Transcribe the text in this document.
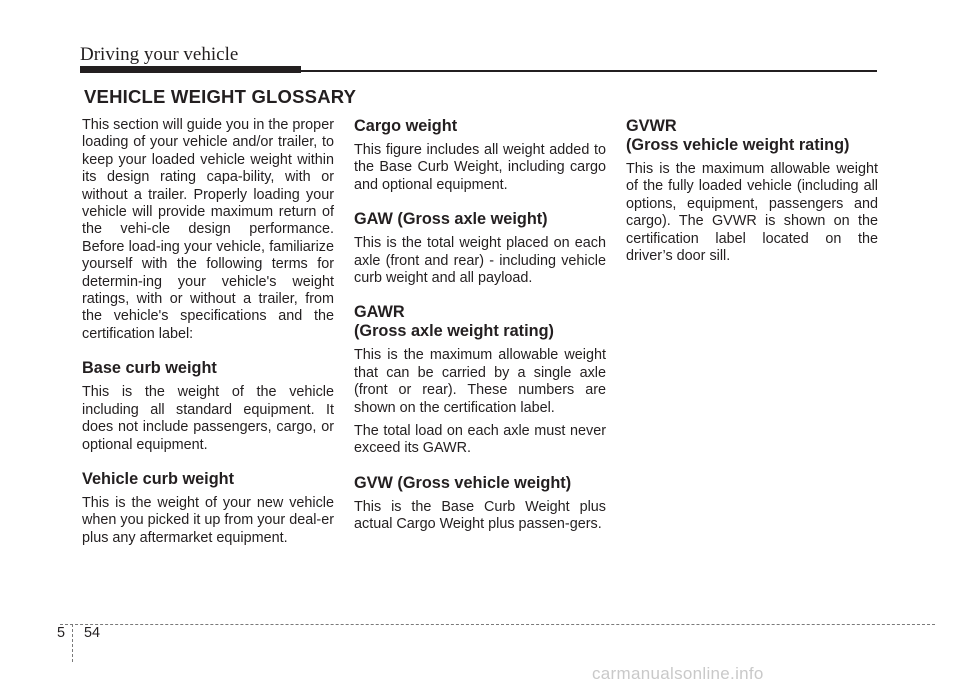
Driving your vehicle
VEHICLE WEIGHT GLOSSARY

This section will guide you in the proper loading of your vehicle and/or trailer, to keep your loaded vehicle weight within its design rating capa-bility, with or without a trailer. Properly loading your vehicle will provide maximum return of the vehi-cle design performance. Before load-ing your vehicle, familiarize yourself with the following terms for determin-ing your vehicle's weight ratings, with or without a trailer, from the vehicle's specifications and the certification label:

Base curb weight

This is the weight of the vehicle including all standard equipment. It does not include passengers, cargo, or optional equipment.

Vehicle curb weight

This is the weight of your new vehicle when you picked it up from your deal-er plus any aftermarket equipment.

Cargo weight

This figure includes all weight added to the Base Curb Weight, including cargo and optional equipment.

GAW (Gross axle weight)

This is the total weight placed on each axle (front and rear) - including vehicle curb weight and all payload.

GAWR
(Gross axle weight rating)

This is the maximum allowable weight that can be carried by a single axle (front or rear). These numbers are shown on the certification label.

The total load on each axle must never exceed its GAWR.

GVW (Gross vehicle weight)

This is the Base Curb Weight plus actual Cargo Weight plus passen-gers.

GVWR
(Gross vehicle weight rating)

This is the maximum allowable weight of the fully loaded vehicle (including all options, equipment, passengers and cargo). The GVWR is shown on the certification label located on the driver’s door sill.

5 54
carmanualsonline.info
